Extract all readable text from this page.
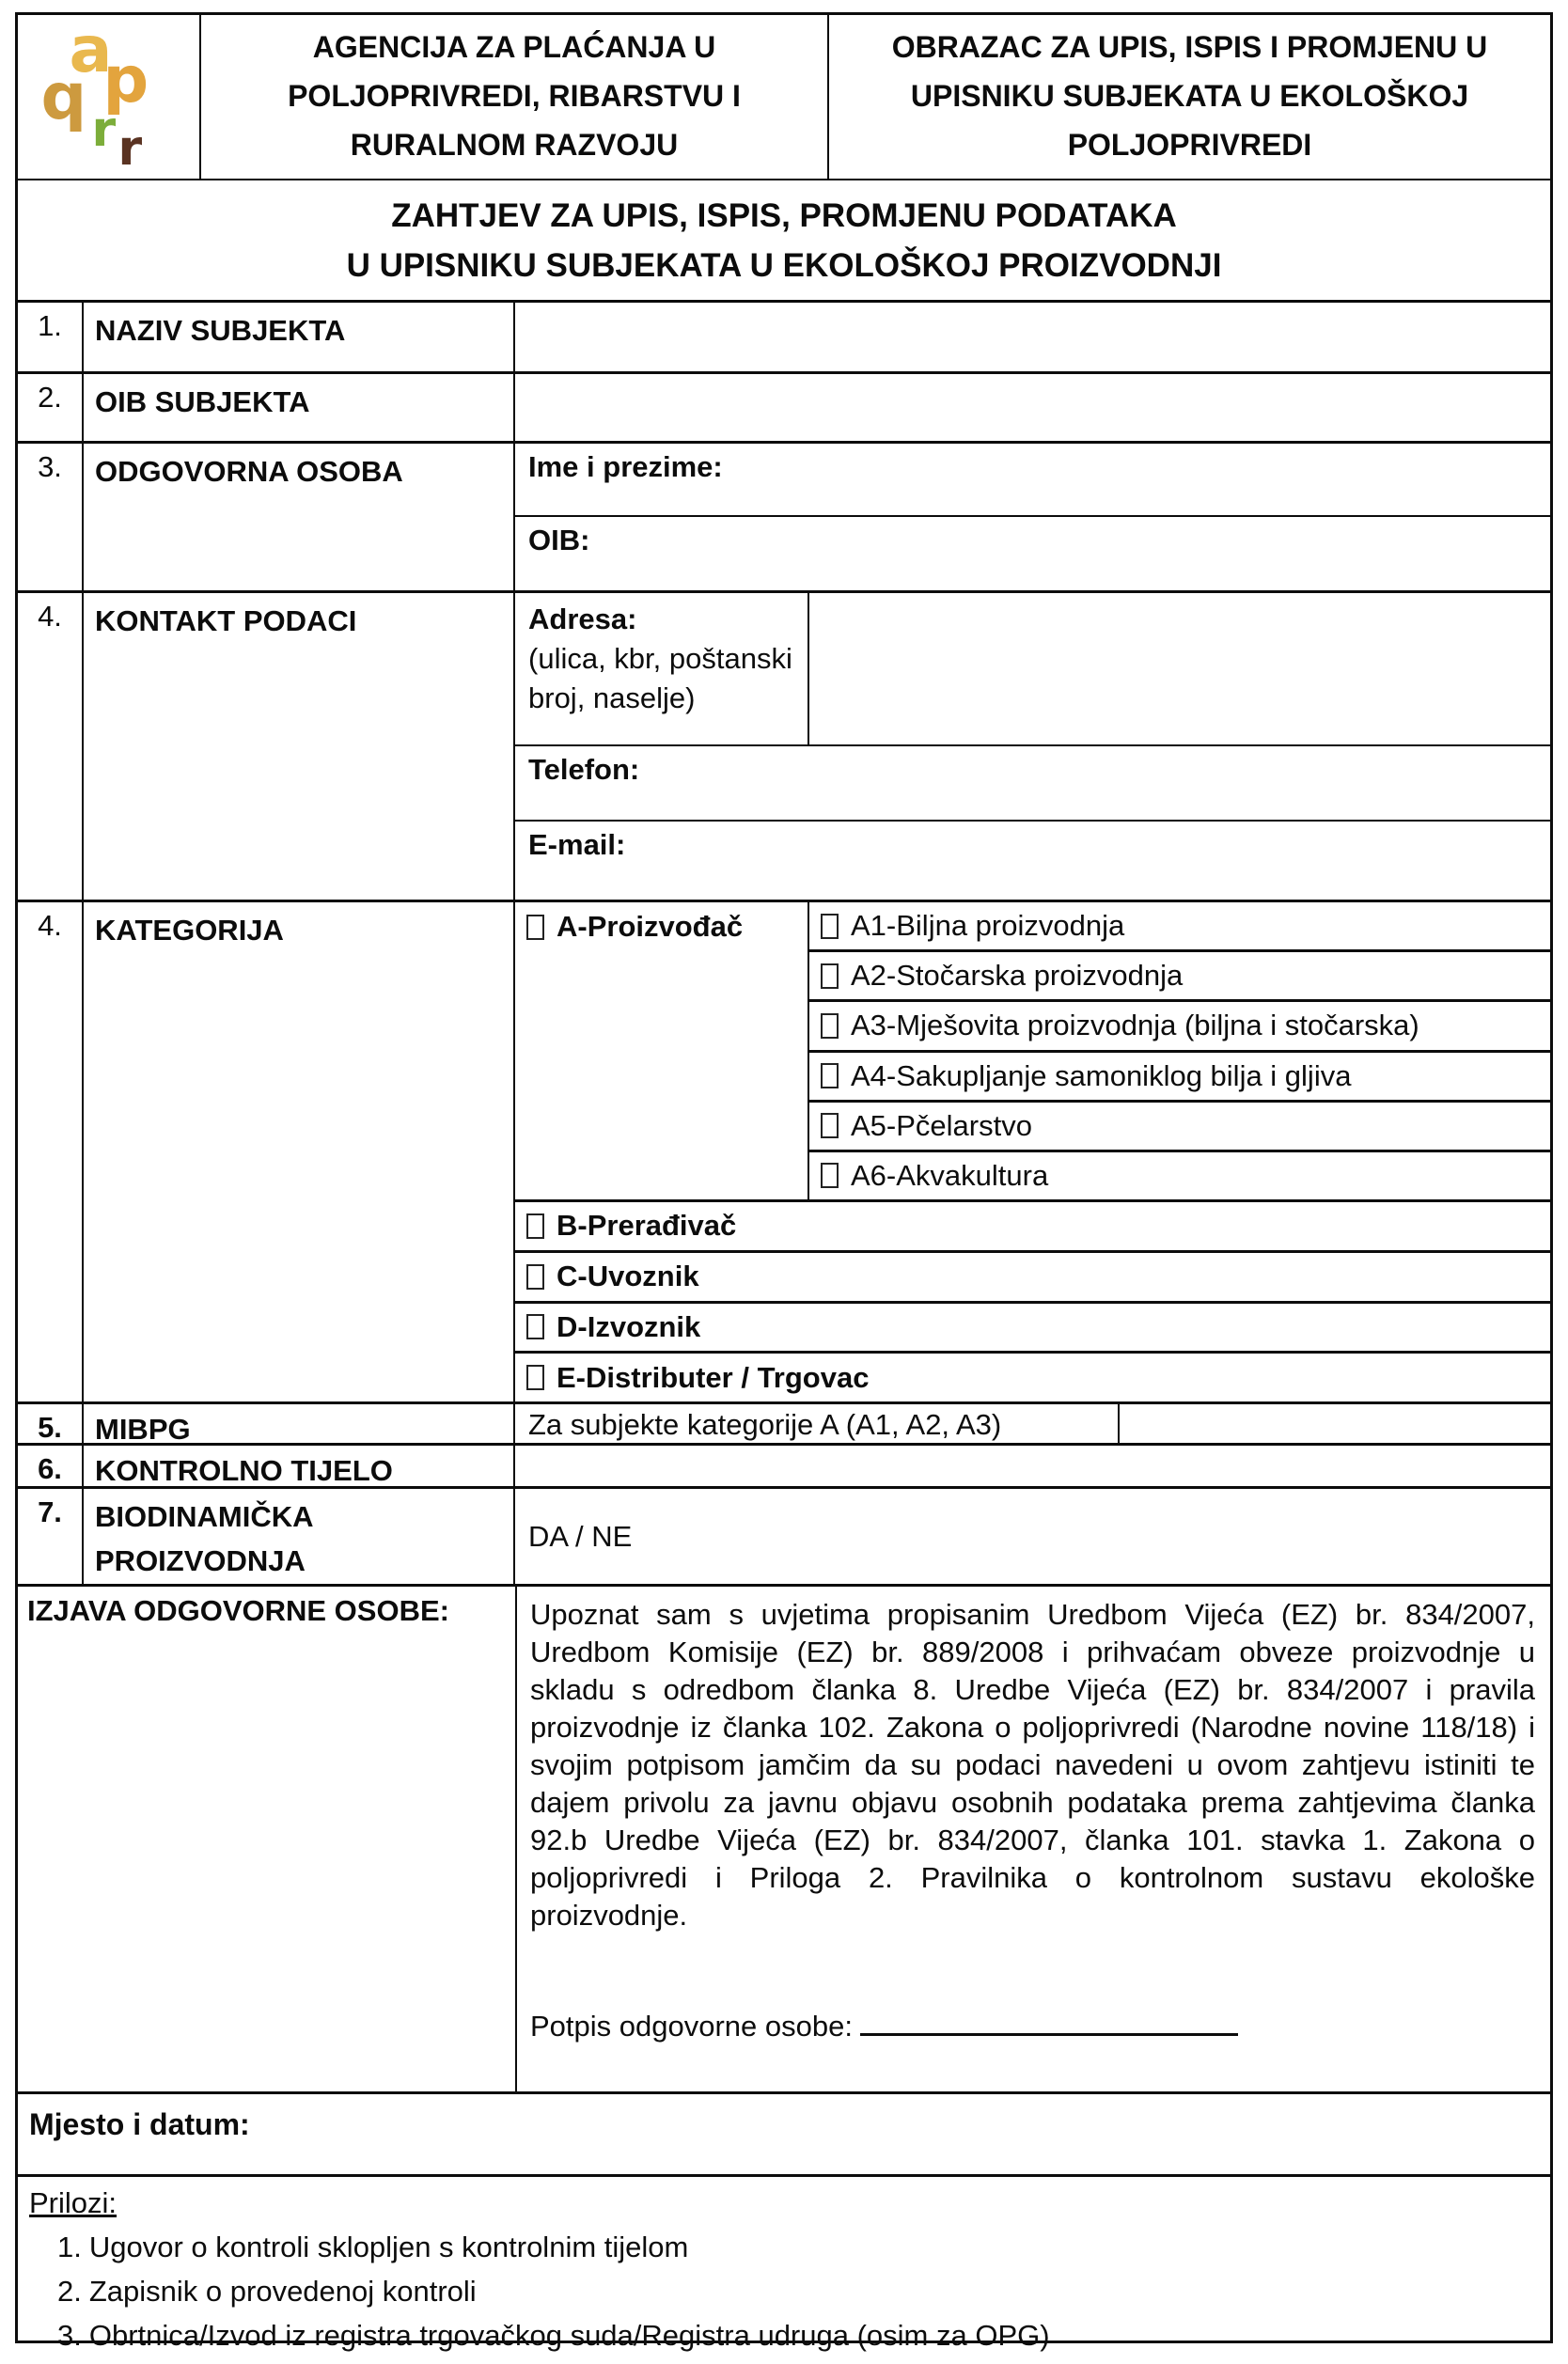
a
p
q r r
AGENCIJA ZA PLAĆANJA U
POLJOPRIVREDI, RIBARSTVU I
RURALNOM RAZVOJU
OBRAZAC ZA UPIS, ISPIS I PROMJENU U
UPISNIKU SUBJEKATA U EKOLOŠKOJ
POLJOPRIVREDI
ZAHTJEV ZA UPIS, ISPIS, PROMJENU PODATAKA
U UPISNIKU SUBJEKATA U EKOLOŠKOJ PROIZVODNJI
1.	NAZIV SUBJEKTA
2.	OIB SUBJEKTA
3.	ODGOVORNA OSOBA	Ime i prezime:
OIB:
4.	KONTAKT PODACI	Adresa:
(ulica, kbr, poštanski broj, naselje)
Telefon:
E-mail:
4.	KATEGORIJA	A-Proizvođač	A1-Biljna proizvodnja
A2-Stočarska proizvodnja
A3-Mješovita proizvodnja (biljna i stočarska)
A4-Sakupljanje samoniklog bilja i gljiva
A5-Pčelarstvo
A6-Akvakultura
B-Prerađivač
C-Uvoznik
D-Izvoznik
E-Distributer / Trgovac
5.	MIBPG	Za subjekte kategorije A (A1, A2, A3)
6.	KONTROLNO TIJELO
7.	BIODINAMIČKA PROIZVODNJA
DA / NE
IZJAVA ODGOVORNE OSOBE:	Upoznat sam s uvjetima propisanim Uredbom Vijeća (EZ) br. 834/2007, Uredbom Komisije (EZ) br. 889/2008 i prihvaćam obveze proizvodnje u skladu s odredbom članka 8. Uredbe Vijeća (EZ) br. 834/2007 i pravila proizvodnje iz članka 102. Zakona o poljoprivredi (Narodne novine 118/18) i svojim potpisom jamčim da su podaci navedeni u ovom zahtjevu istiniti te dajem privolu za javnu objavu osobnih podataka prema zahtjevima članka 92.b Uredbe Vijeća (EZ) br. 834/2007, članka 101. stavka 1. Zakona o poljoprivredi i Priloga 2. Pravilnika o kontrolnom sustavu ekološke proizvodnje.
Potpis odgovorne osobe:
Mjesto i datum:
Prilozi:
1. Ugovor o kontroli sklopljen s kontrolnim tijelom
2. Zapisnik o provedenoj kontroli
3. Obrtnica/Izvod iz registra trgovačkog suda/Registra udruga (osim za OPG)
